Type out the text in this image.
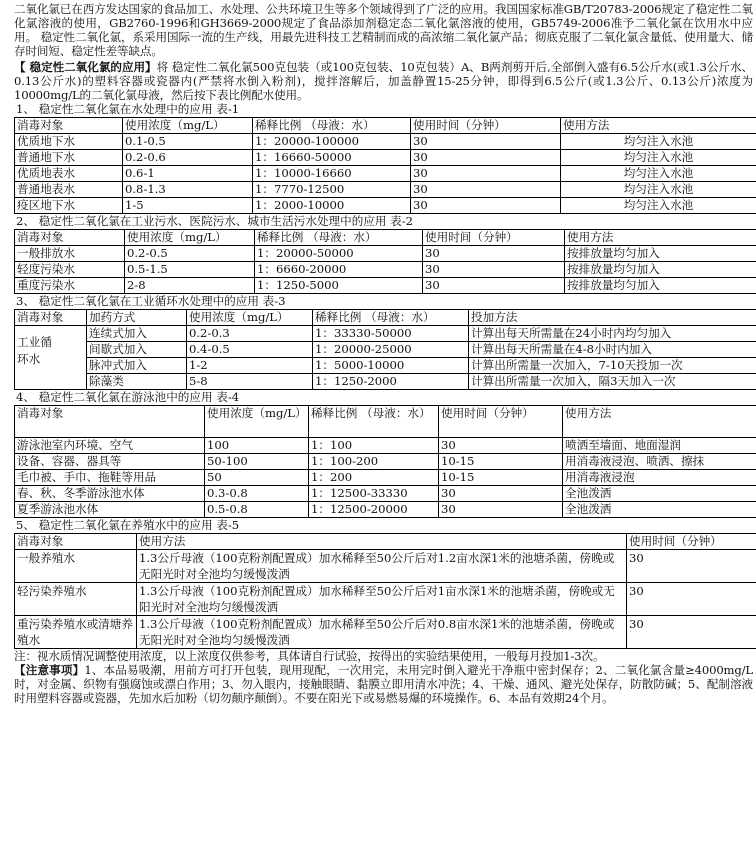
二氧化氯已在西方发达国家的食品加工、水处理、公共环境卫生等多个领域得到了广泛的应用。我国国家标准GB/T20783-2006规定了稳定性二氧化氯溶液的使用，GB2760-1996和GH3669-2000规定了食品添加剂稳定态二氧化氯溶液的使用，GB5749-2006准予二氧化氯在饮用水中应用。 稳定性二氧化氯，系采用国际一流的生产线，用最先进科技工艺精制而成的高浓缩二氧化氯产品；彻底克服了二氧化氯含量低、使用量大、储存时间短、稳定性差等缺点。

【 稳定性二氧化氯的应用】将 稳定性二氧化氯500克包装（或100克包装、10克包装）A、B两剂剪开后,全部倒入盛有6.5公斤水(或1.3公斤水、0.13公斤水)的塑料容器或瓷器内(严禁将水倒入粉剂)，搅拌溶解后，加盖静置15-25分钟，即得到6.5公斤(或1.3公斤、0.13公斤)浓度为10000mg/L的二氧化氯母液，然后按下表比例配水使用。

1、 稳定性二氧化氯在水处理中的应用 表-1
消毒对象	使用浓度（mg/L）	稀释比例 （母液：水）	使用时间（分钟）	使用方法
优质地下水	0.1-0.5	1：20000-100000	30	均匀注入水池
普通地下水	0.2-0.6	1：16660-50000	30	均匀注入水池
优质地表水	0.6-1	1：10000-16660	30	均匀注入水池
普通地表水	0.8-1.3	1：7770-12500	30	均匀注入水池
疫区地下水	1-5	1：2000-10000	30	均匀注入水池
2、 稳定性二氧化氯在工业污水、医院污水、城市生活污水处理中的应用 表-2
消毒对象	使用浓度（mg/L）	稀释比例 （母液：水）	使用时间（分钟）	使用方法
一般排放水	0.2-0.5	1：20000-50000	30	按排放量均匀加入
轻度污染水	0.5-1.5	1：6660-20000	30	按排放量均匀加入
重度污染水	2-8	1：1250-5000	30	按排放量均匀加入
3、 稳定性二氧化氯在工业循环水处理中的应用 表-3
消毒对象	加药方式	使用浓度（mg/L）	稀释比例 （母液：水）	投加方法

工业循环水	连续式加入	0.2-0.3	1：33330-50000	计算出每天所需量在24小时内均匀加入
	间歇式加入	0.4-0.5	1：20000-25000	计算出每天所需量在4-8小时内加入
	脉冲式加入	1-2	1：5000-10000	计算出所需量一次加入，7-10天投加一次
	除藻类	5-8	1：1250-2000	计算出所需量一次加入，隔3天加入一次
4、 稳定性二氧化氯在游泳池中的应用 表-4
消毒对象	使用浓度（mg/L）	稀释比例 （母液：水）	使用时间（分钟）	使用方法
游泳池室内环境、空气	100	1：100	30	喷洒至墙面、地面湿润
设备、容器、器具等	50-100	1：100-200	10-15	用消毒液浸泡、喷洒、擦抹
毛巾被、手巾、拖鞋等用品	50	1：200	10-15	用消毒液浸泡
春、秋、冬季游泳池水体	0.3-0.8	1：12500-33330	30	全池泼洒
夏季游泳池水体	0.5-0.8	1：12500-20000	30	全池泼洒
5、 稳定性二氧化氯在养殖水中的应用 表-5
消毒对象	使用方法	使用时间（分钟）
一般养殖水	1.3公斤母液（100克粉剂配置成）加水稀释至50公斤后对1.2亩水深1米的池塘杀菌，傍晚或无阳光时对全池均匀缓慢泼洒	30
轻污染养殖水	1.3公斤母液（100克粉剂配置成）加水稀释至50公斤后对1亩水深1米的池塘杀菌，傍晚或无阳光时对全池均匀缓慢泼洒	30
重污染养殖水或清塘养殖水	1.3公斤母液（100克粉剂配置成）加水稀释至50公斤后对0.8亩水深1米的池塘杀菌，傍晚或无阳光时对全池均匀缓慢泼洒	30

注：视水质情况调整使用浓度，以上浓度仅供参考，具体请自行试验，按得出的实验结果使用，一般每月投加1-3次。

【注意事项】1、本品易吸潮，用前方可打开包装，现用现配，一次用完，未用完时倒入避光干净瓶中密封保存；2、二氧化氯含量≥4000mg/L时，对金属、织物有强腐蚀或漂白作用；3、勿入眼内，接触眼睛、黏膜立即用清水冲洗；4、干燥、通风、避光处保存，防散防碱；5、配制溶液时用塑料容器或瓷器，先加水后加粉（切勿颠序颠倒）。不要在阳光下或易燃易爆的环境操作。6、本品有效期24个月。
